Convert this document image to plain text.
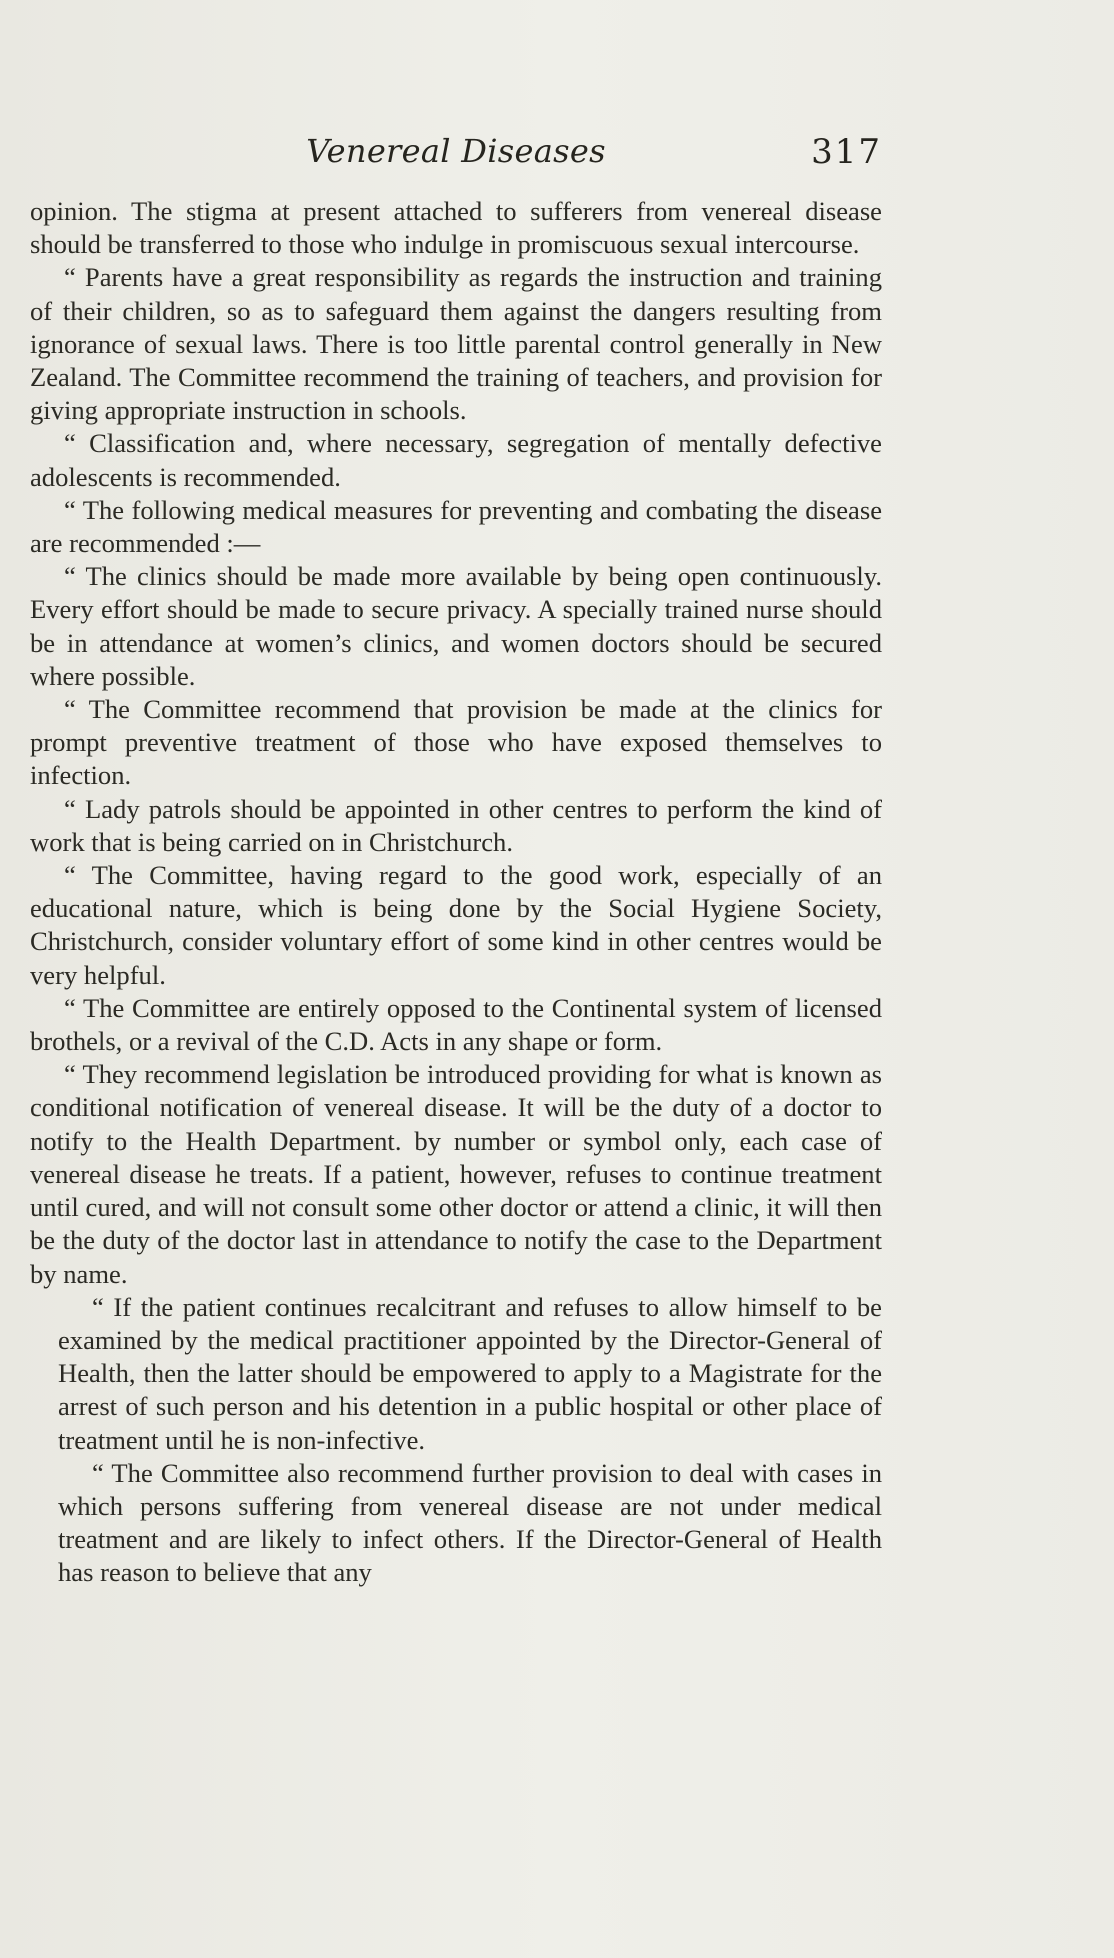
Venereal Diseases	317

opinion. The stigma at present attached to sufferers from venereal disease should be transferred to those who indulge in promiscuous sexual intercourse.

“ Parents have a great responsibility as regards the instruction and training of their children, so as to safeguard them against the dangers resulting from ignorance of sexual laws. There is too little parental control generally in New Zealand. The Committee recommend the training of teachers, and provision for giving appropriate instruction in schools.

“ Classification and, where necessary, segregation of mentally defective adolescents is recommended.

“ The following medical measures for preventing and combating the disease are recommended :—

“ The clinics should be made more available by being open continuously. Every effort should be made to secure privacy. A specially trained nurse should be in attendance at women’s clinics, and women doctors should be secured where possible.

“ The Committee recommend that provision be made at the clinics for prompt preventive treatment of those who have exposed themselves to infection.

“ Lady patrols should be appointed in other centres to perform the kind of work that is being carried on in Christchurch.

“ The Committee, having regard to the good work, especially of an educational nature, which is being done by the Social Hygiene Society, Christchurch, consider voluntary effort of some kind in other centres would be very helpful.

“ The Committee are entirely opposed to the Continental system of licensed brothels, or a revival of the C.D. Acts in any shape or form.

“ They recommend legislation be introduced providing for what is known as conditional notification of venereal disease. It will be the duty of a doctor to notify to the Health Department. by number or symbol only, each case of venereal disease he treats. If a patient, however, refuses to continue treatment until cured, and will not consult some other doctor or attend a clinic, it will then be the duty of the doctor last in attendance to notify the case to the Department by name.

“ If the patient continues recalcitrant and refuses to allow himself to be examined by the medical practitioner appointed by the Director-General of Health, then the latter should be empowered to apply to a Magistrate for the arrest of such person and his detention in a public hospital or other place of treatment until he is non-infective.

“ The Committee also recommend further provision to deal with cases in which persons suffering from venereal disease are not under medical treatment and are likely to infect others. If the Director-General of Health has reason to believe that any
